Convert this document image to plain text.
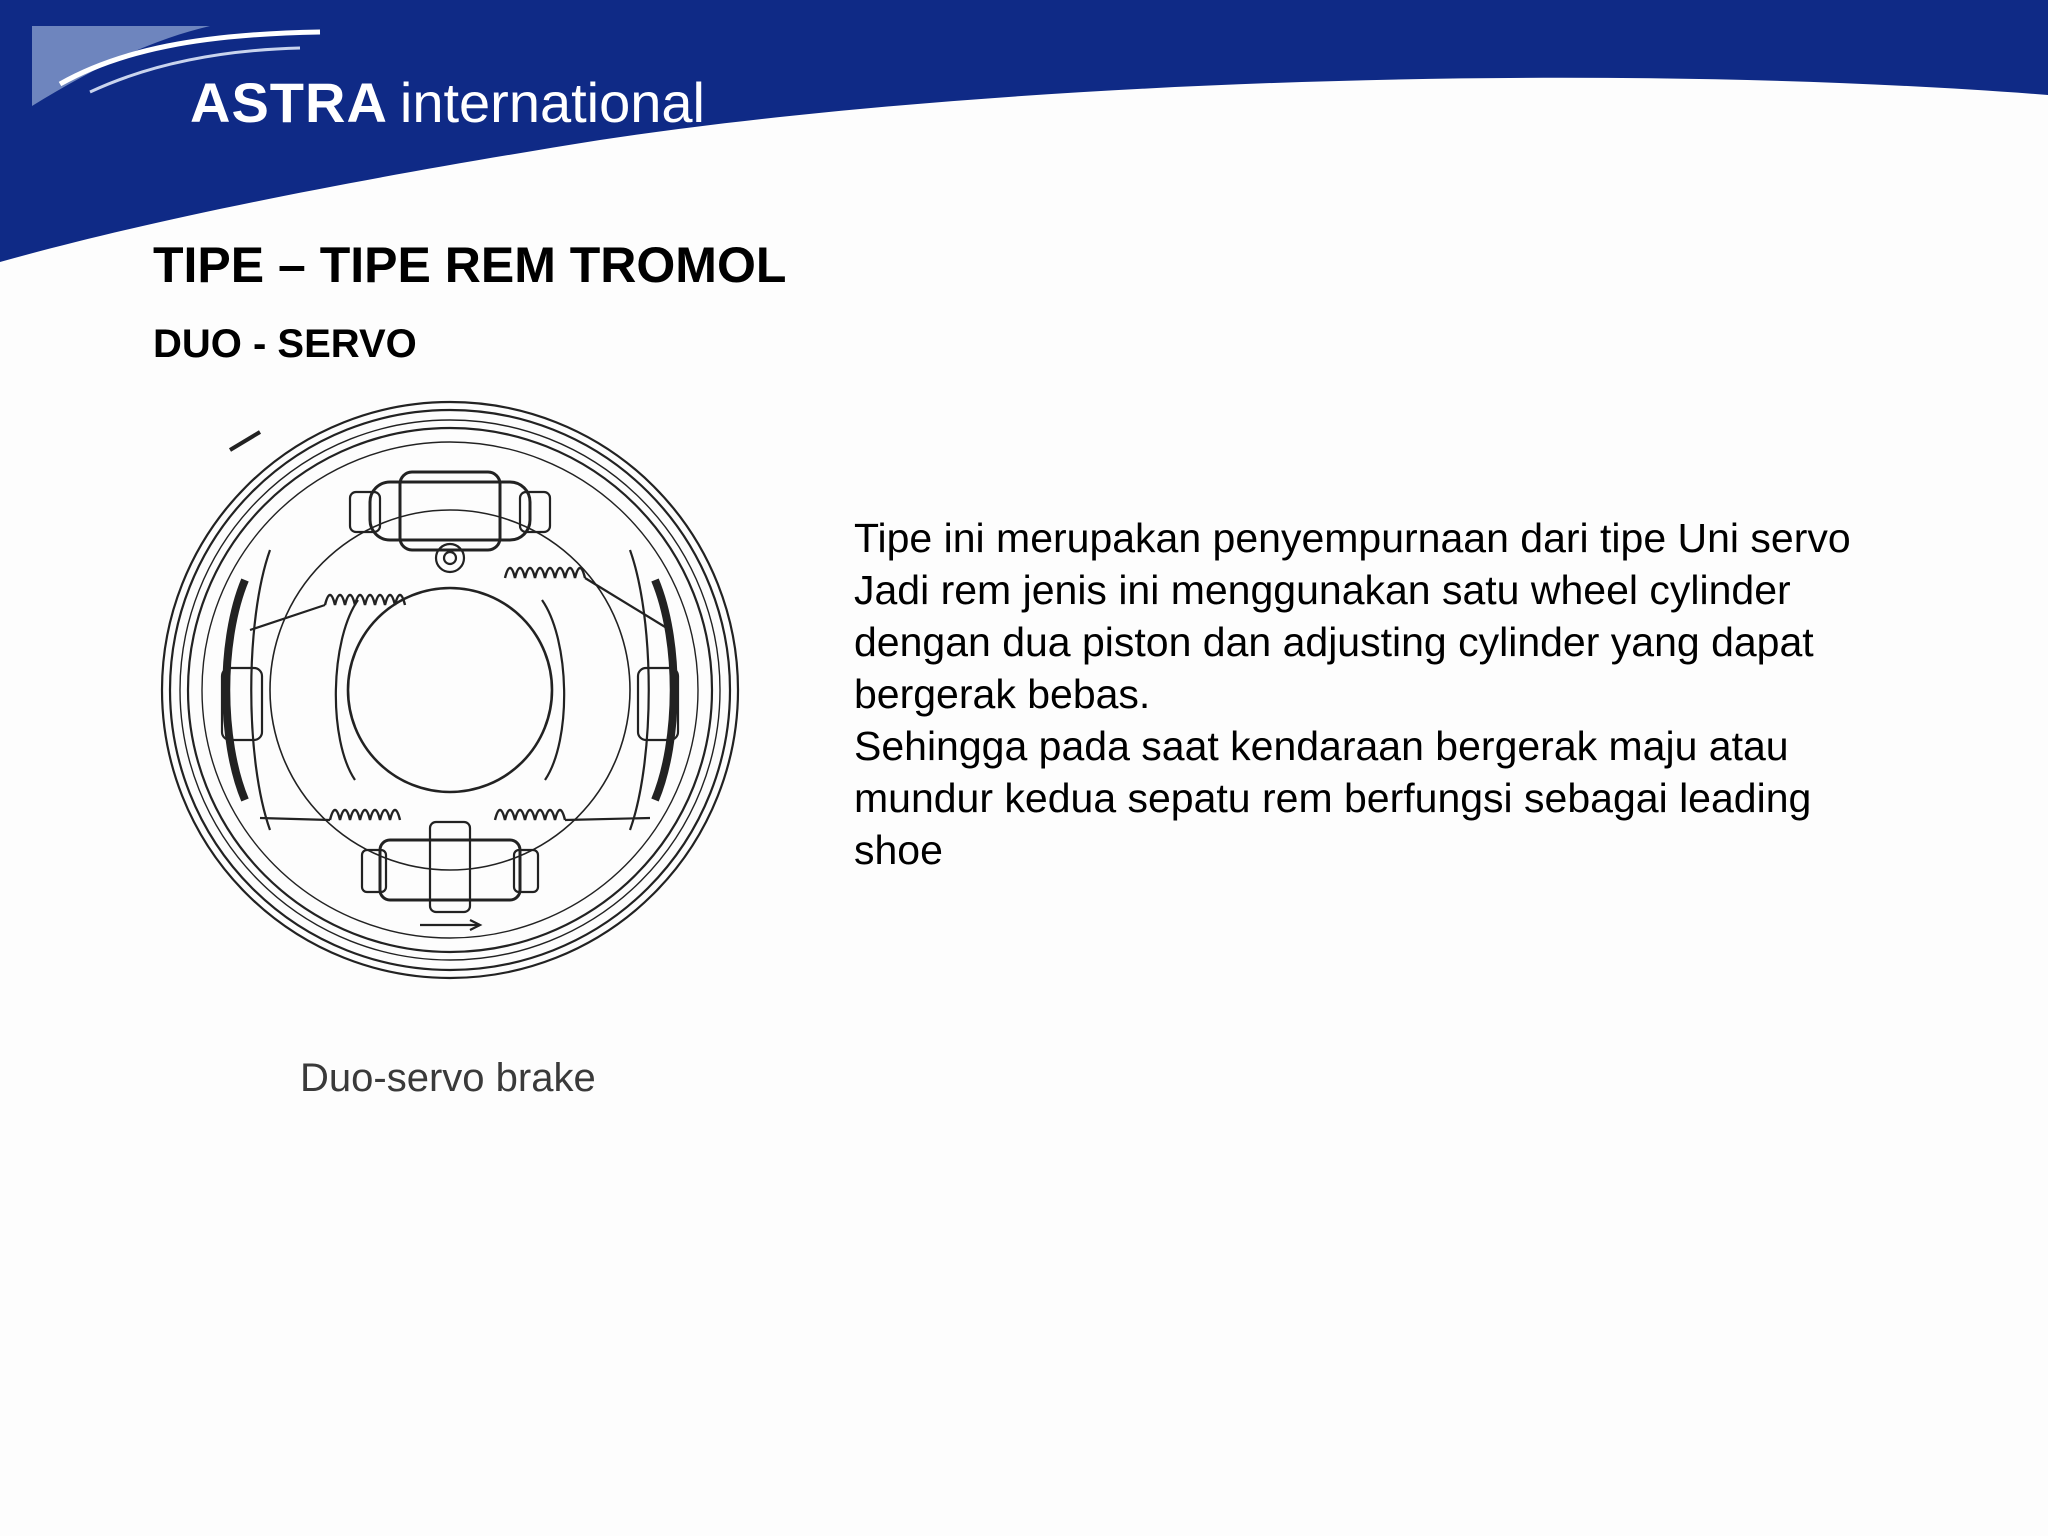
ASTRA international
TIPE – TIPE REM TROMOL
DUO - SERVO
Duo-servo brake
Tipe ini merupakan penyempurnaan dari tipe Uni servo
Jadi rem jenis ini menggunakan satu wheel cylinder
dengan dua piston dan adjusting cylinder yang dapat
bergerak bebas.
Sehingga pada saat kendaraan bergerak maju atau
mundur kedua sepatu rem berfungsi sebagai leading
shoe
